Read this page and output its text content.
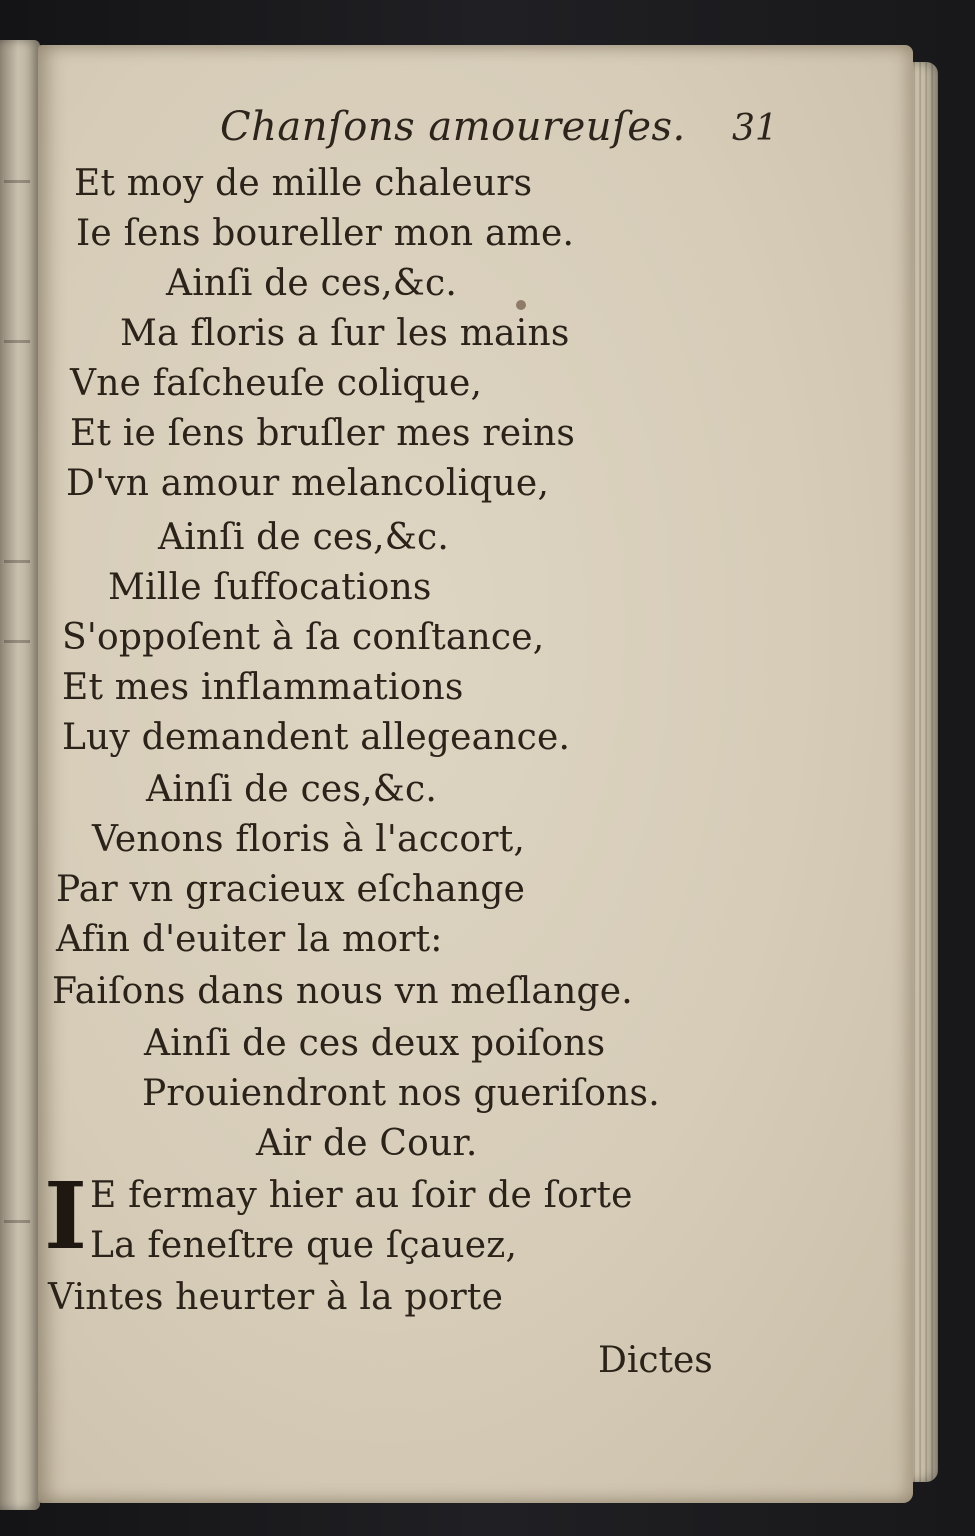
Chanſons amoureuſes. 31
Et moy de mille chaleurs
Ie ſens boureller mon ame.
Ainſi de ces,&c.
Ma floris a ſur les mains
Vne faſcheuſe colique,
Et ie ſens bruſler mes reins
D'vn amour melancolique,
Ainſi de ces,&c.
Mille ſuffocations
S'oppoſent à ſa conſtance,
Et mes inflammations
Luy demandent allegeance.
Ainſi de ces,&c.
Venons floris à l'accort,
Par vn gracieux eſchange
Afin d'euiter la mort:
Faiſons dans nous vn meſlange.
Ainſi de ces deux poiſons
Prouiendront nos gueriſons.
Air de Cour.
I E fermay hier au ſoir de ſorte
La feneſtre que ſçauez,
Vintes heurter à la porte
Dictes
